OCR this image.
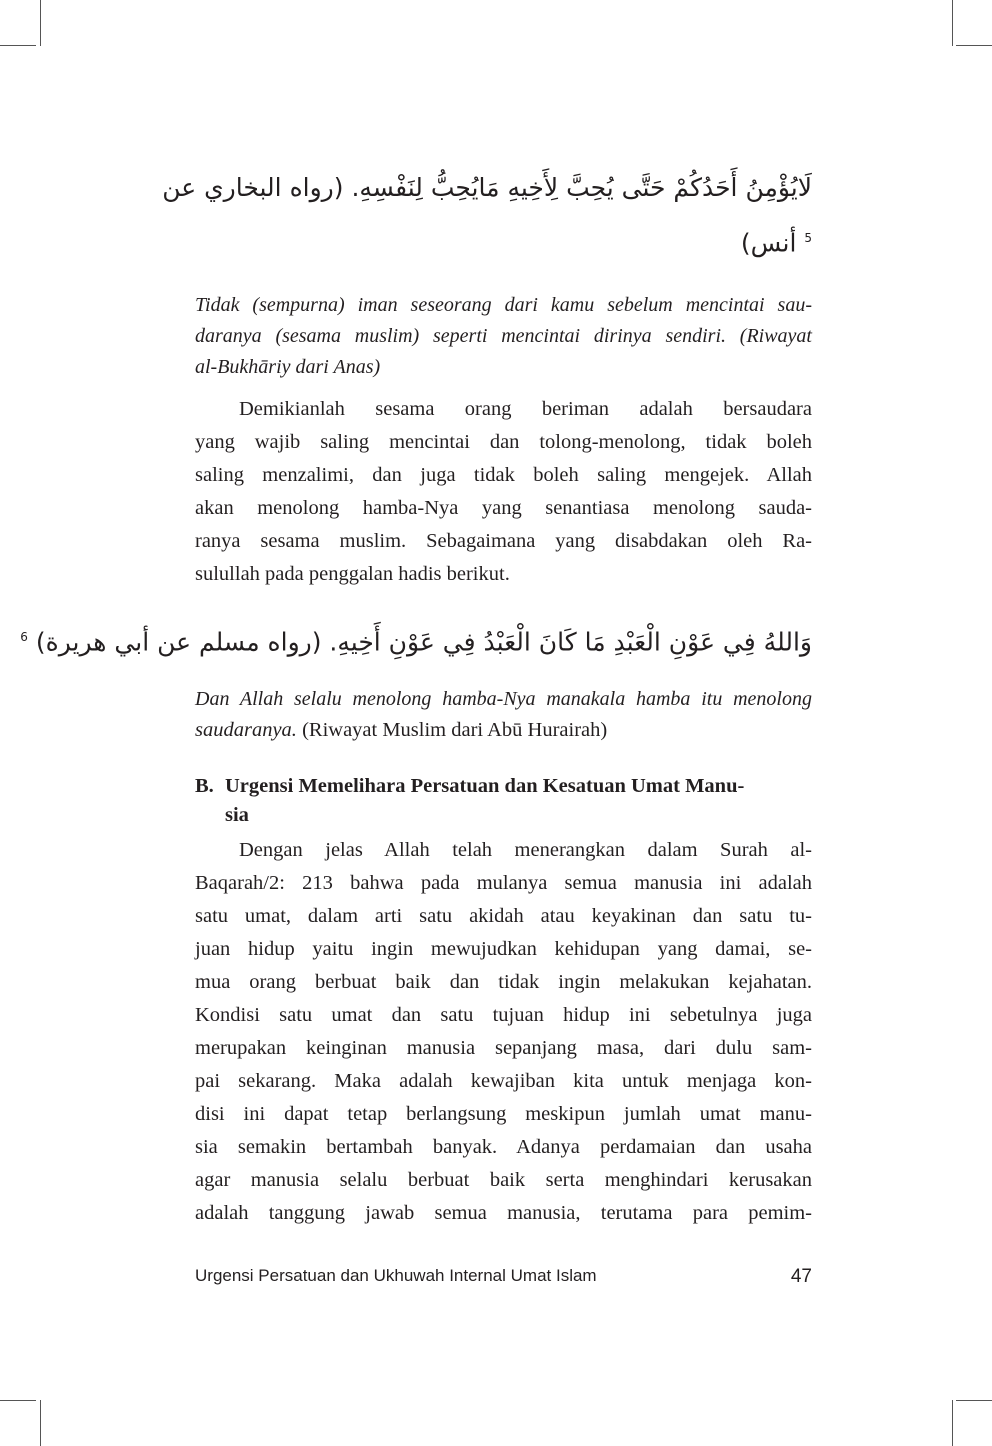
لَايُؤْمِنُ أَحَدُكُمْ حَتَّى يُحِبَّ لِأَخِيهِ مَايُحِبُّ لِنَفْسِهِ. (رواه البخاري عن
$^5$ أنس)
Tidak (sempurna) iman seseorang dari kamu sebelum mencintai sau-
daranya (sesama muslim) seperti mencintai dirinya sendiri. (Riwayat
al-Bukhāriy dari Anas)
Demikianlah sesama orang beriman adalah bersaudara
yang wajib saling mencintai dan tolong-menolong, tidak boleh
saling menzalimi, dan juga tidak boleh saling mengejek. Allah
akan menolong hamba-Nya yang senantiasa menolong sauda-
ranya sesama muslim. Sebagaimana yang disabdakan oleh Ra-
sulullah pada penggalan hadis berikut.
وَاللهُ فِي عَوْنِ الْعَبْدِ مَا كَانَ الْعَبْدُ فِي عَوْنِ أَخِيهِ. (رواه مسلم عن أبي هريرة) $^6$
Dan Allah selalu menolong hamba-Nya manakala hamba itu menolong
saudaranya. (Riwayat Muslim dari Abū Hurairah)
B. Urgensi Memelihara Persatuan dan Kesatuan Umat Manu-
sia
Dengan jelas Allah telah menerangkan dalam Surah al-
Baqarah/2: 213 bahwa pada mulanya semua manusia ini adalah
satu umat, dalam arti satu akidah atau keyakinan dan satu tu-
juan hidup yaitu ingin mewujudkan kehidupan yang damai, se-
mua orang berbuat baik dan tidak ingin melakukan kejahatan.
Kondisi satu umat dan satu tujuan hidup ini sebetulnya juga
merupakan keinginan manusia sepanjang masa, dari dulu sam-
pai sekarang. Maka adalah kewajiban kita untuk menjaga kon-
disi ini dapat tetap berlangsung meskipun jumlah umat manu-
sia semakin bertambah banyak. Adanya perdamaian dan usaha
agar manusia selalu berbuat baik serta menghindari kerusakan
adalah tanggung jawab semua manusia, terutama para pemim-
Urgensi Persatuan dan Ukhuwah Internal Umat Islam	47
